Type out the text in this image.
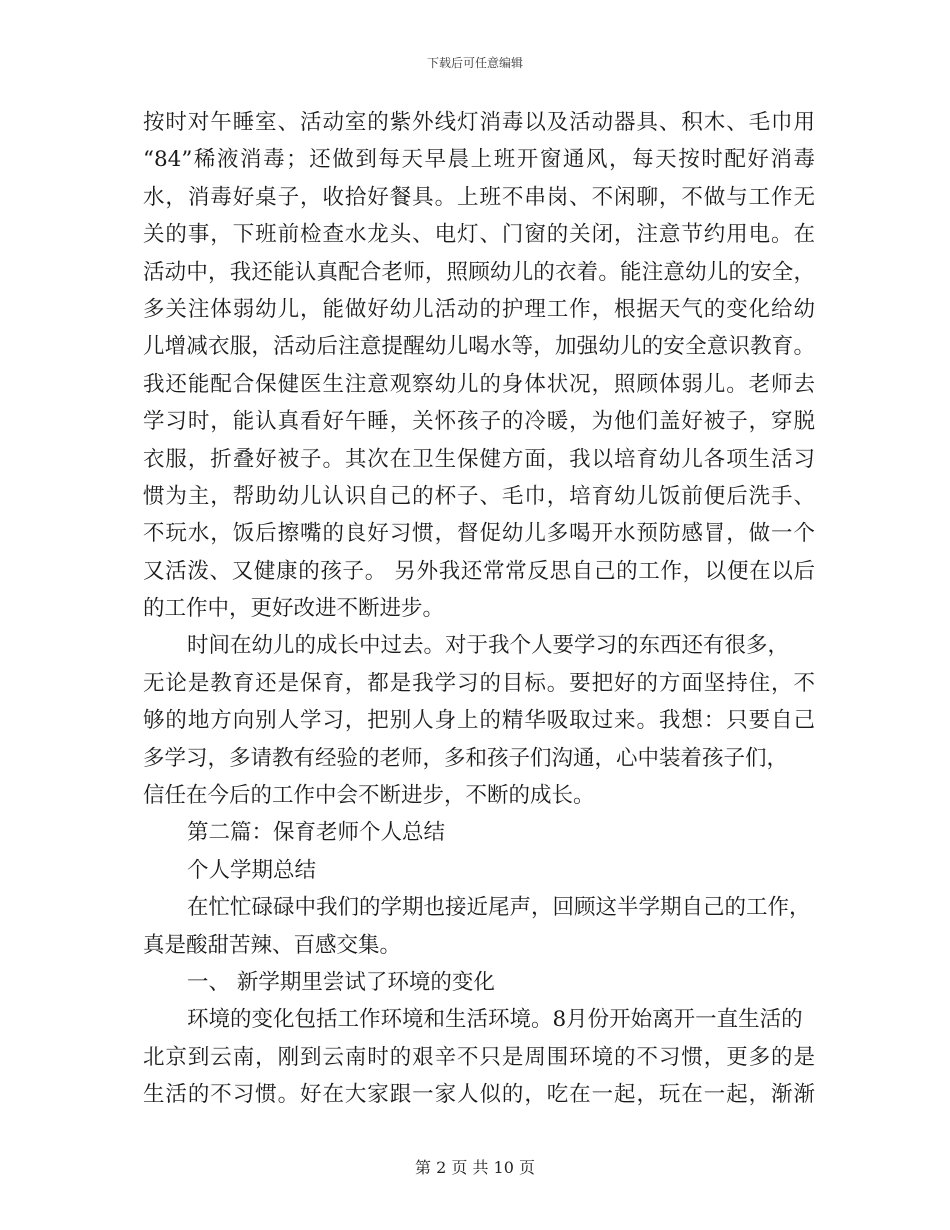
下载后可任意编辑
按时对午睡室、活动室的紫外线灯消毒以及活动器具、积木、毛巾用
“84”稀液消毒；还做到每天早晨上班开窗通风，每天按时配好消毒
水，消毒好桌子，收拾好餐具。上班不串岗、不闲聊，不做与工作无
关的事，下班前检查水龙头、电灯、门窗的关闭，注意节约用电。在
活动中，我还能认真配合老师，照顾幼儿的衣着。能注意幼儿的安全，
多关注体弱幼儿，能做好幼儿活动的护理工作，根据天气的变化给幼
儿增减衣服，活动后注意提醒幼儿喝水等，加强幼儿的安全意识教育。
我还能配合保健医生注意观察幼儿的身体状况，照顾体弱儿。老师去
学习时，能认真看好午睡，关怀孩子的冷暖，为他们盖好被子，穿脱
衣服，折叠好被子。其次在卫生保健方面，我以培育幼儿各项生活习
惯为主，帮助幼儿认识自己的杯子、毛巾，培育幼儿饭前便后洗手、
不玩水，饭后擦嘴的良好习惯，督促幼儿多喝开水预防感冒，做一个
又活泼、又健康的孩子。 另外我还常常反思自己的工作，以便在以后
的工作中，更好改进不断进步。
时间在幼儿的成长中过去。对于我个人要学习的东西还有很多，
无论是教育还是保育，都是我学习的目标。要把好的方面坚持住，不
够的地方向别人学习，把别人身上的精华吸取过来。我想：只要自己
多学习，多请教有经验的老师，多和孩子们沟通，心中装着孩子们，
信任在今后的工作中会不断进步，不断的成长。
第二篇：保育老师个人总结
个人学期总结
在忙忙碌碌中我们的学期也接近尾声，回顾这半学期自己的工作，
真是酸甜苦辣、百感交集。
一、 新学期里尝试了环境的变化
环境的变化包括工作环境和生活环境。8月份开始离开一直生活的
北京到云南，刚到云南时的艰辛不只是周围环境的不习惯，更多的是
生活的不习惯。好在大家跟一家人似的，吃在一起，玩在一起，渐渐
第 2 页 共 10 页
